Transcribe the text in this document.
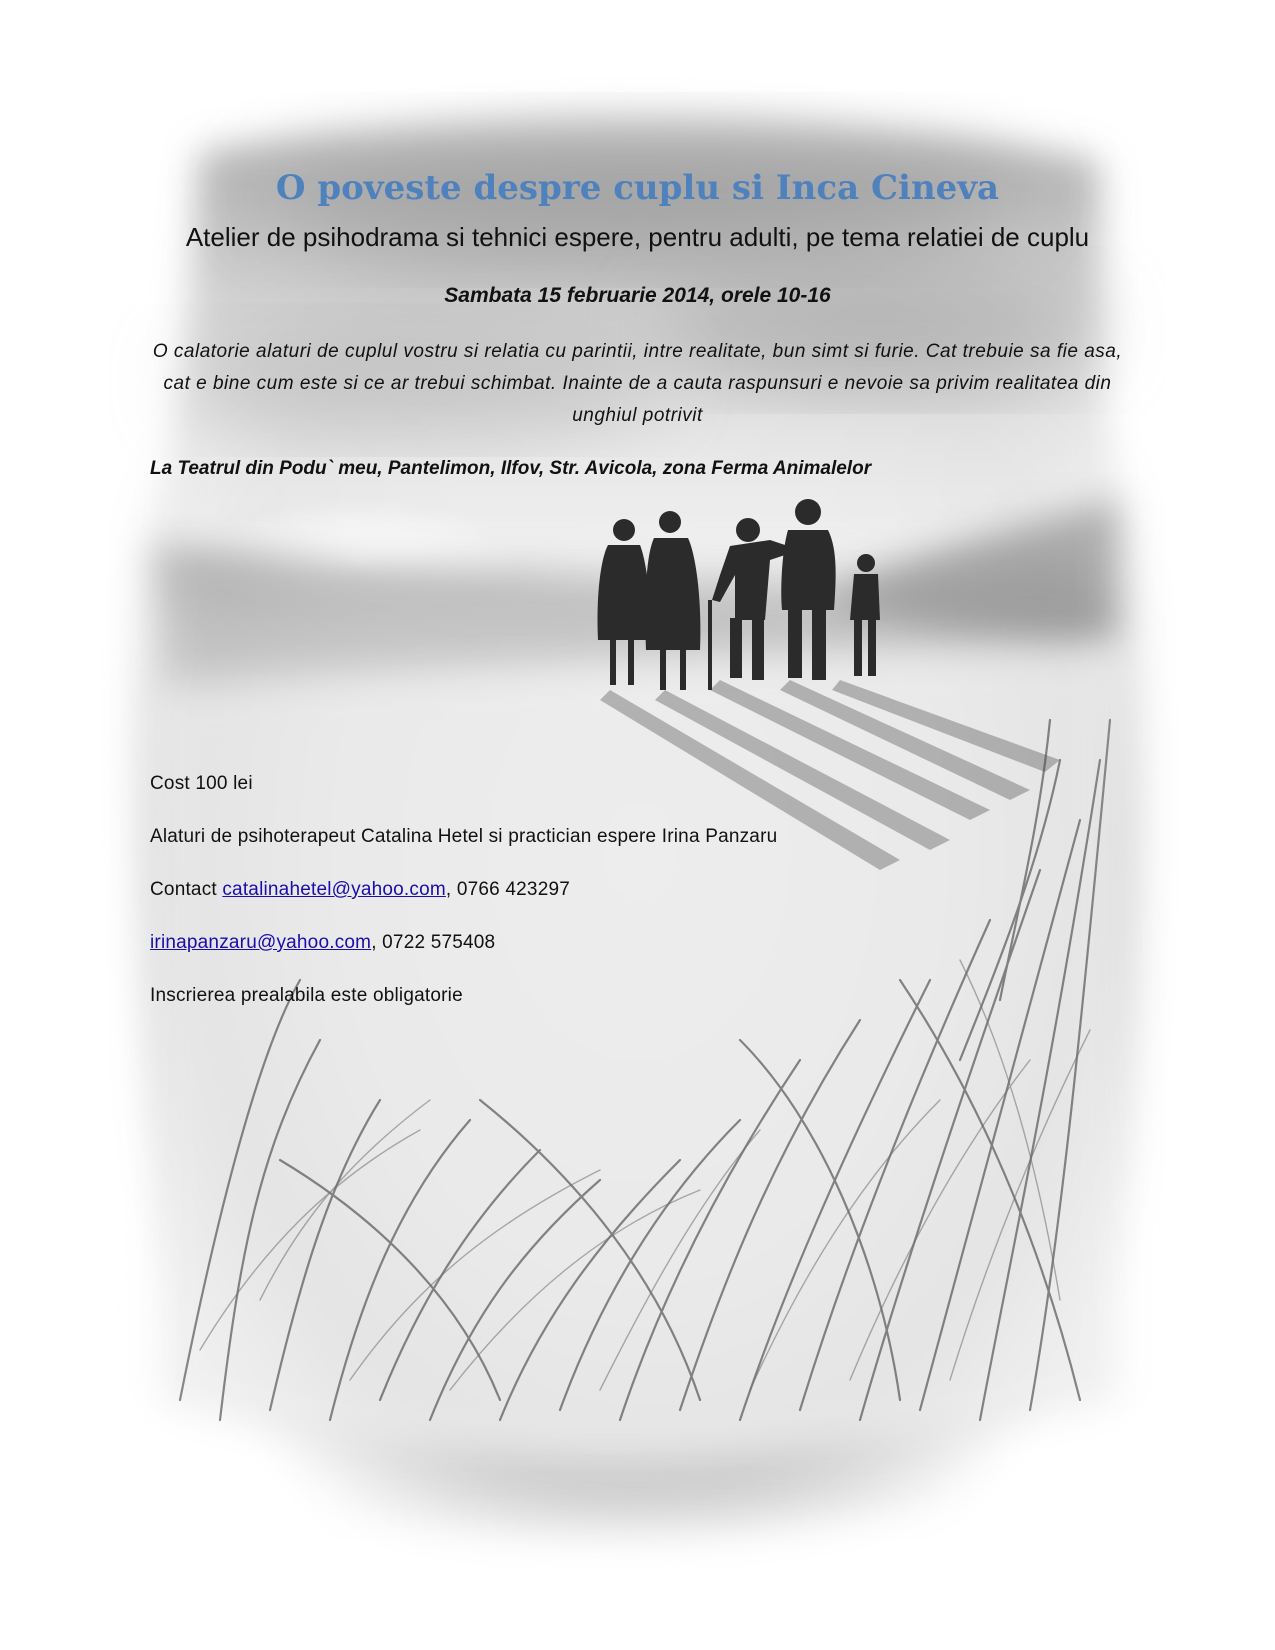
O poveste despre cuplu si Inca Cineva

Atelier de psihodrama si tehnici espere, pentru adulti, pe tema relatiei de cuplu

Sambata 15 februarie 2014, orele 10-16

O calatorie alaturi de cuplul vostru si relatia cu parintii, intre realitate, bun simt si furie. Cat trebuie sa fie asa, cat e bine cum este si ce ar trebui schimbat. Inainte de a cauta raspunsuri e nevoie sa privim realitatea din unghiul potrivit

La Teatrul din Podu` meu, Pantelimon, Ilfov, Str. Avicola, zona Ferma Animalelor

Cost 100 lei

Alaturi de psihoterapeut Catalina Hetel si practician espere Irina Panzaru

Contact catalinahetel@yahoo.com, 0766 423297

irinapanzaru@yahoo.com, 0722 575408

Inscrierea prealabila este obligatorie
